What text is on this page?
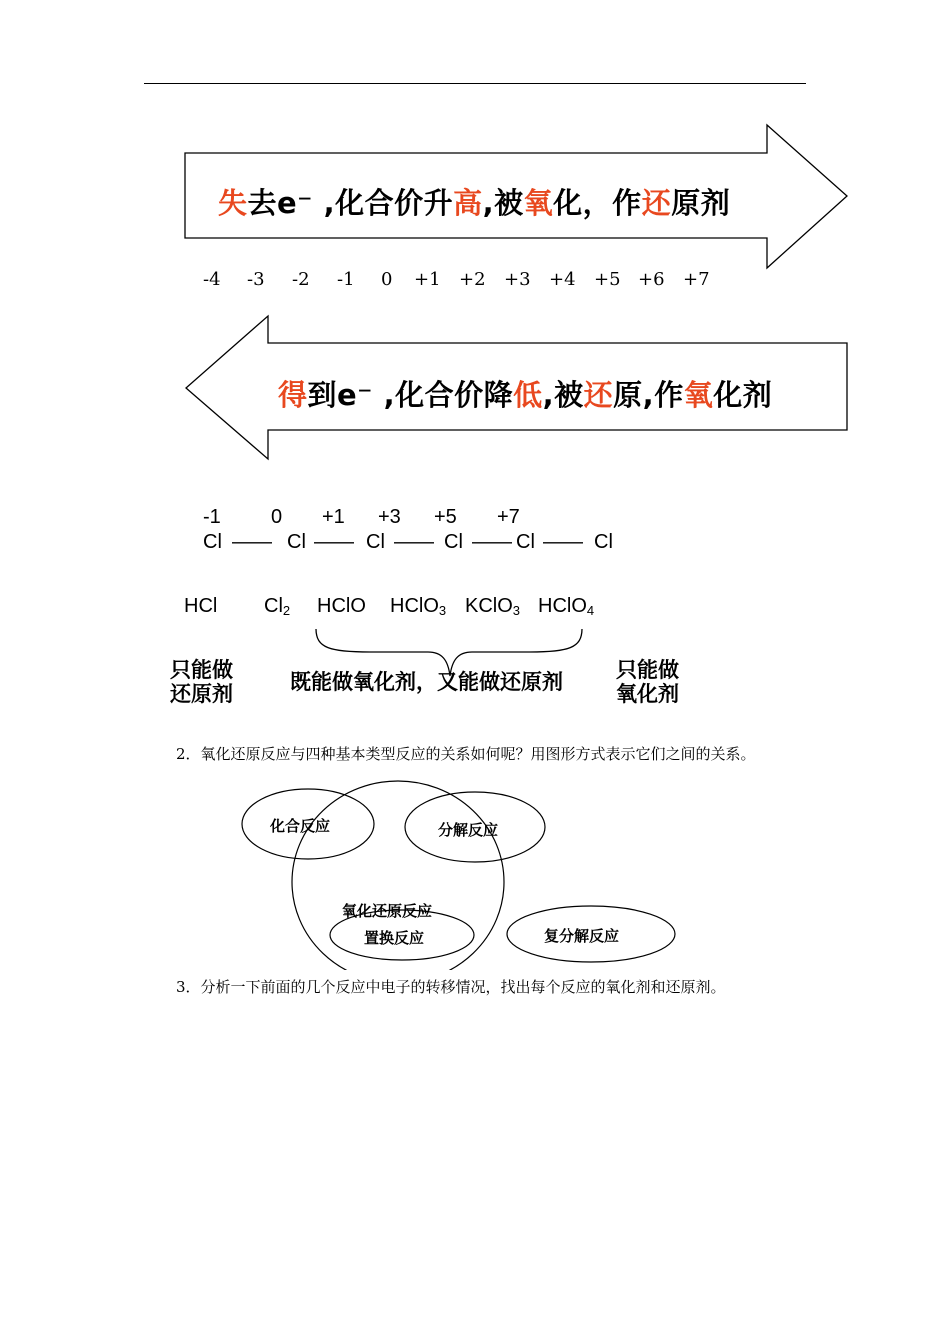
失去e⁻ ,化合价升高,被氧化，作还原剂
-4 -3 -2 -1 0 +1 +2 +3 +4 +5 +6 +7
得到e⁻ ,化合价降低,被还原,作氧化剂
-1	0 +1 +3 +5 +7
Cl —— Cl —— Cl —— Cl —— Cl —— Cl
HCl $Cl_2$ HClO HClO$_3$ KClO$_3$ HClO$_4$
只能做
还原剂	既能做氧化剂，又能做还原剂	只能做
氧化剂
2．氧化还原反应与四种基本类型反应的关系如何呢？用图形方式表示它们之间的关系。
化合反应	分解反应
氧化还原反应
置换反应	复分解反应
3．分析一下前面的几个反应中电子的转移情况，找出每个反应的氧化剂和还原剂。
